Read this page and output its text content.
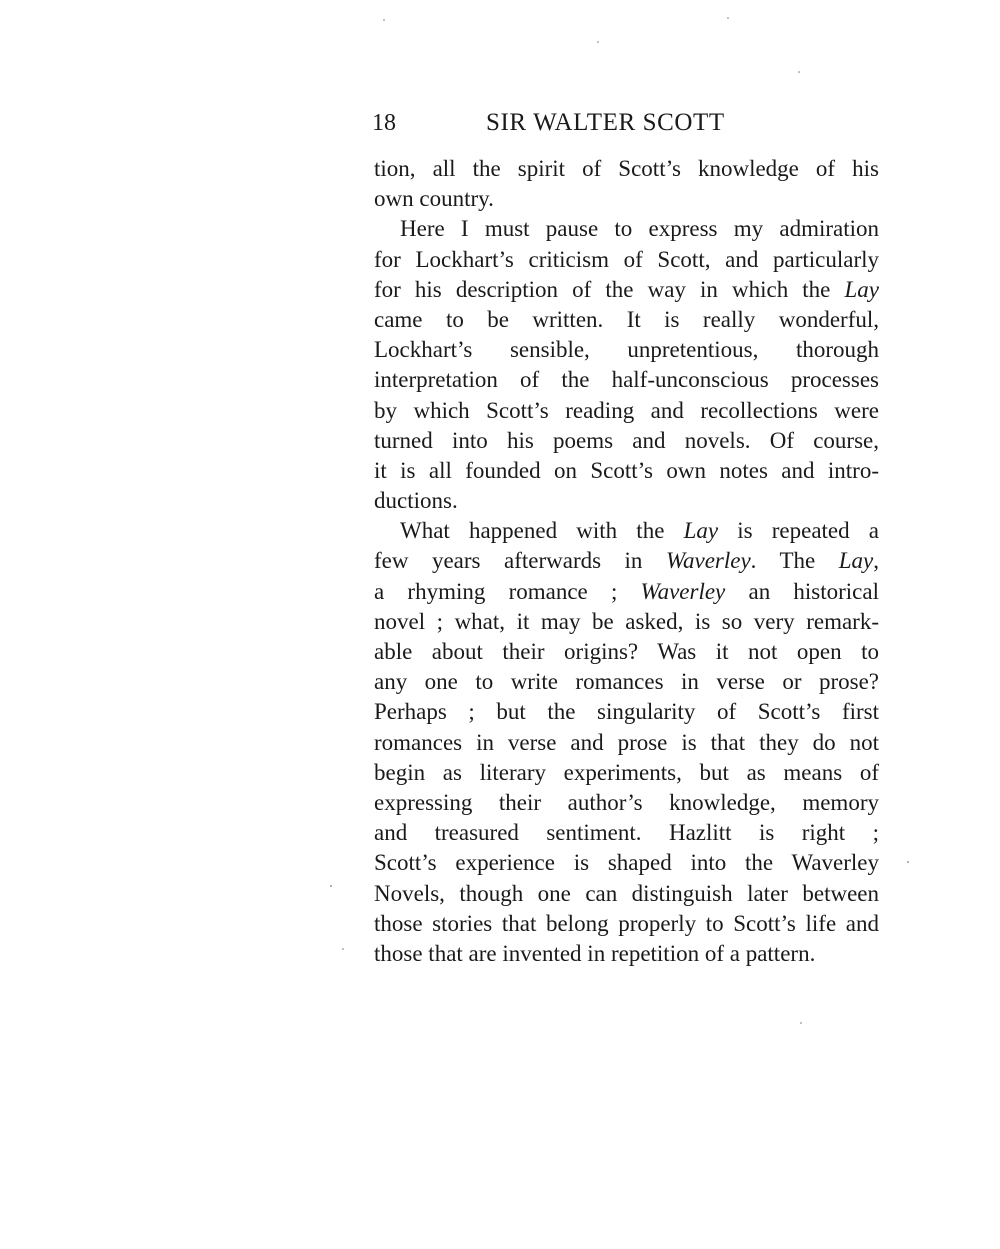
18	SIR WALTER SCOTT
tion, all the spirit of Scott’s knowledge of his
own country.
Here I must pause to express my admiration
for Lockhart’s criticism of Scott, and particularly
for his description of the way in which the Lay
came to be written. It is really wonderful,
Lockhart’s sensible, unpretentious, thorough
interpretation of the half-unconscious processes
by which Scott’s reading and recollections were
turned into his poems and novels. Of course,
it is all founded on Scott’s own notes and intro-
ductions.
What happened with the Lay is repeated a
few years afterwards in Waverley. The Lay,
a rhyming romance ; Waverley an historical
novel ; what, it may be asked, is so very remark-
able about their origins? Was it not open to
any one to write romances in verse or prose?
Perhaps ; but the singularity of Scott’s first
romances in verse and prose is that they do not
begin as literary experiments, but as means of
expressing their author’s knowledge, memory
and treasured sentiment. Hazlitt is right ;
Scott’s experience is shaped into the Waverley
Novels, though one can distinguish later between
those stories that belong properly to Scott’s life and
those that are invented in repetition of a pattern.
